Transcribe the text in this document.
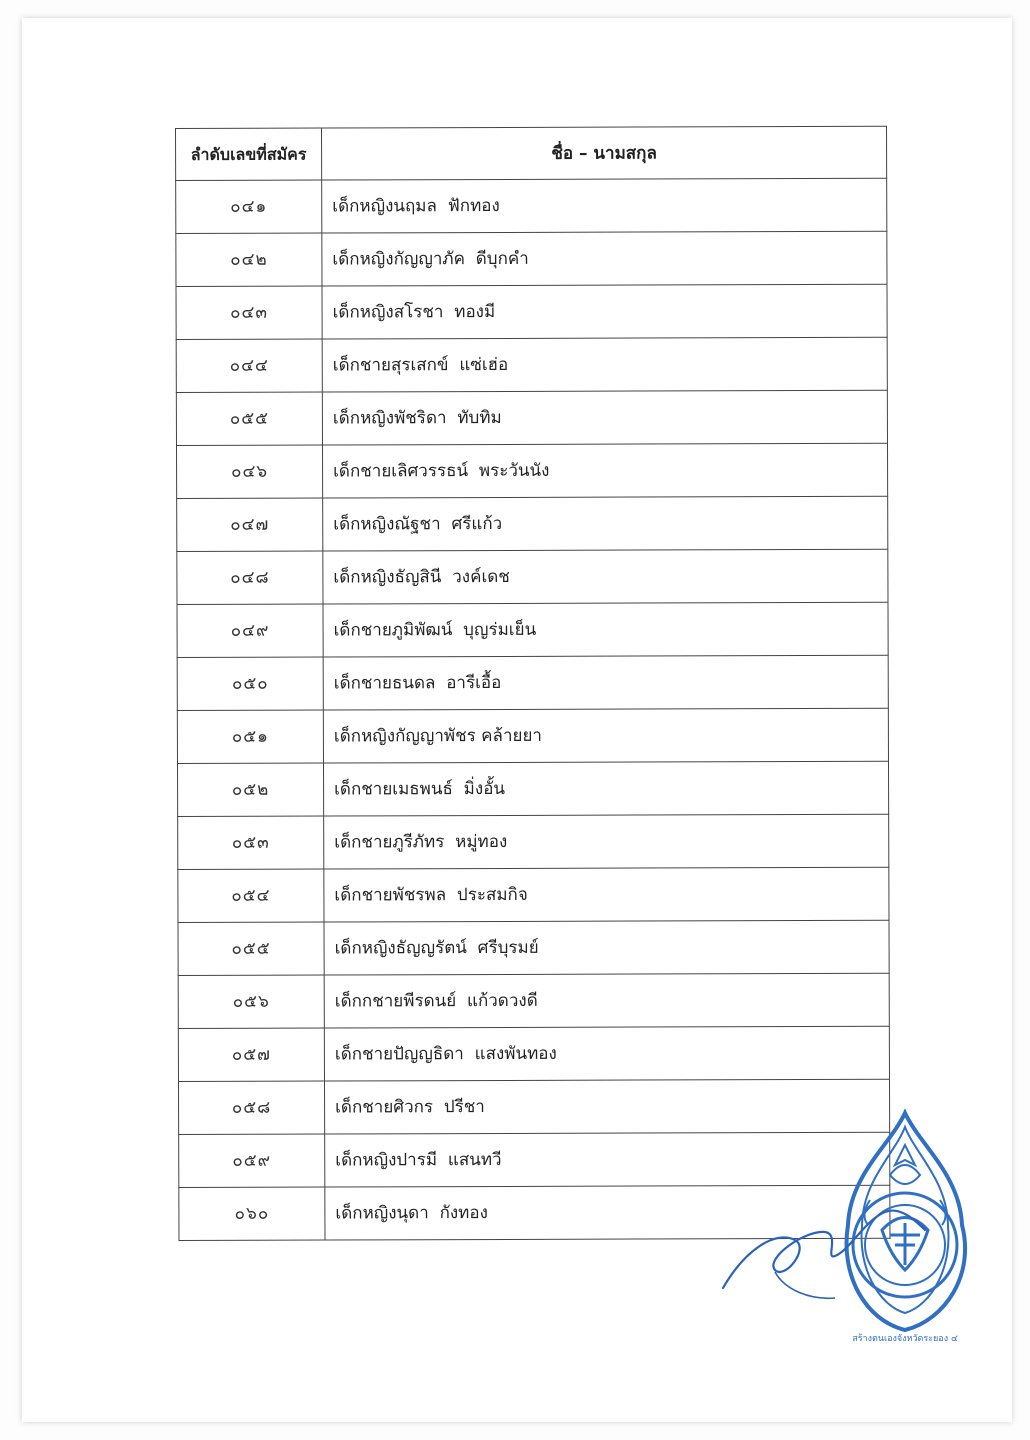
ลำดับเลขที่สมัคร	ชื่อ – นามสกุล
๐๔๑	เด็กหญิงนฤมล  ฟักทอง
๐๔๒	เด็กหญิงกัญญาภัค  ดีบุกคำ
๐๔๓	เด็กหญิงสโรชา  ทองมี
๐๔๔	เด็กชายสุรเสกข์  แซ่เฮ่อ
๐๕๕	เด็กหญิงพัชริดา  ทับทิม
๐๔๖	เด็กชายเลิศวรรธน์  พระวันนัง
๐๔๗	เด็กหญิงณัฐชา  ศรีแก้ว
๐๔๘	เด็กหญิงธัญสินี  วงค์เดช
๐๔๙	เด็กชายภูมิพัฒน์  บุญร่มเย็น
๐๕๐	เด็กชายธนดล  อารีเอื้อ
๐๕๑	เด็กหญิงกัญญาพัชร คล้ายยา
๐๕๒	เด็กชายเมธพนธ์  มิ่งอั้น
๐๕๓	เด็กชายภูรีภัทร  หมู่ทอง
๐๕๔	เด็กชายพัชรพล  ประสมกิจ
๐๕๕	เด็กหญิงธัญญรัตน์  ศรีบุรมย์
๐๕๖	เด็กกชายพีรดนย์  แก้วดวงดี
๐๕๗	เด็กชายปัญญธิดา  แสงพันทอง
๐๕๘	เด็กชายศิวกร  ปรีชา
๐๕๙	เด็กหญิงปารมี  แสนทวี
๐๖๐	เด็กหญิงนุดา  กังทอง
สร้างตนเองจังหวัดระยอง ๔
